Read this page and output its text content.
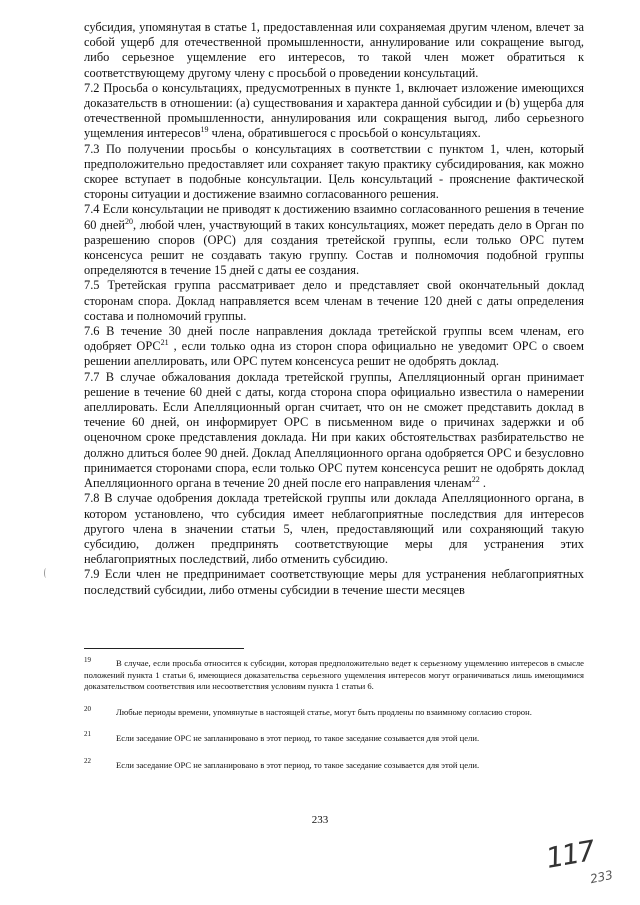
субсидия, упомянутая в статье 1, предоставленная или сохраняемая другим членом, влечет за собой ущерб для отечественной промышленности, аннулирование или сокращение выгод, либо серьезное ущемление его интересов, то такой член может обратиться к соответствующему другому члену с просьбой о проведении консультаций.

7.2 Просьба о консультациях, предусмотренных в пункте 1, включает изложение имеющихся доказательств в отношении: (a) существования и характера данной субсидии и (b) ущерба для отечественной промышленности, аннулирования или сокращения выгод, либо серьезного ущемления интересов$^{19}$ члена, обратившегося с просьбой о консультациях.

7.3 По получении просьбы о консультациях в соответствии с пунктом 1, член, который предположительно предоставляет или сохраняет такую практику субсидирования, как можно скорее вступает в подобные консультации. Цель консультаций - прояснение фактической стороны ситуации и достижение взаимно согласованного решения.

7.4 Если консультации не приводят к достижению взаимно согласованного решения в течение 60 дней$^{20}$, любой член, участвующий в таких консультациях, может передать дело в Орган по разрешению споров (ОРС) для создания третейской группы, если только ОРС путем консенсуса решит не создавать такую группу. Состав и полномочия подобной группы определяются в течение 15 дней с даты ее создания.

7.5 Третейская группа рассматривает дело и представляет свой окончательный доклад сторонам спора. Доклад направляется всем членам в течение 120 дней с даты определения состава и полномочий группы.

7.6 В течение 30 дней после направления доклада третейской группы всем членам, его одобряет ОРС$^{21}$ , если только одна из сторон спора официально не уведомит ОРС о своем решении апеллировать, или ОРС путем консенсуса решит не одобрять доклад.

7.7 В случае обжалования доклада третейской группы, Апелляционный орган принимает решение в течение 60 дней с даты, когда сторона спора официально известила о намерении апеллировать. Если Апелляционный орган считает, что он не сможет представить доклад в течение 60 дней, он информирует ОРС в письменном виде о причинах задержки и об оценочном сроке представления доклада. Ни при каких обстоятельствах разбирательство не должно длиться более 90 дней. Доклад Апелляционного органа одобряется ОРС и безусловно принимается сторонами спора, если только ОРС путем консенсуса решит не одобрять доклад Апелляционного органа в течение 20 дней после его направления членам$^{22}$ .

7.8 В случае одобрения доклада третейской группы или доклада Апелляционного органа, в котором установлено, что субсидия имеет неблагоприятные последствия для интересов другого члена в значении статьи 5, член, предоставляющий или сохраняющий такую субсидию, должен предпринять соответствующие меры для устранения этих неблагоприятных последствий, либо отменить субсидию.

7.9 Если член не предпринимает соответствующие меры для устранения неблагоприятных последствий субсидии, либо отмены субсидии в течение шести месяцев

19	В случае, если просьба относится к субсидии, которая предположительно ведет к серьезному ущемлению интересов в смысле положений пункта 1 статьи 6, имеющиеся доказательства серьезного ущемления интересов могут ограничиваться лишь имеющимися доказательством соответствия или несоответствия условиям пункта 1 статьи 6.
20	Любые периоды времени, упомянутые в настоящей статье, могут быть продлены по взаимному согласию сторон.
21	Если заседание ОРС не запланировано в этот период, то такое заседание созывается для этой цели.
22	Если заседание ОРС не запланировано в этот период, то такое заседание созывается для этой цели.
233
117
233
